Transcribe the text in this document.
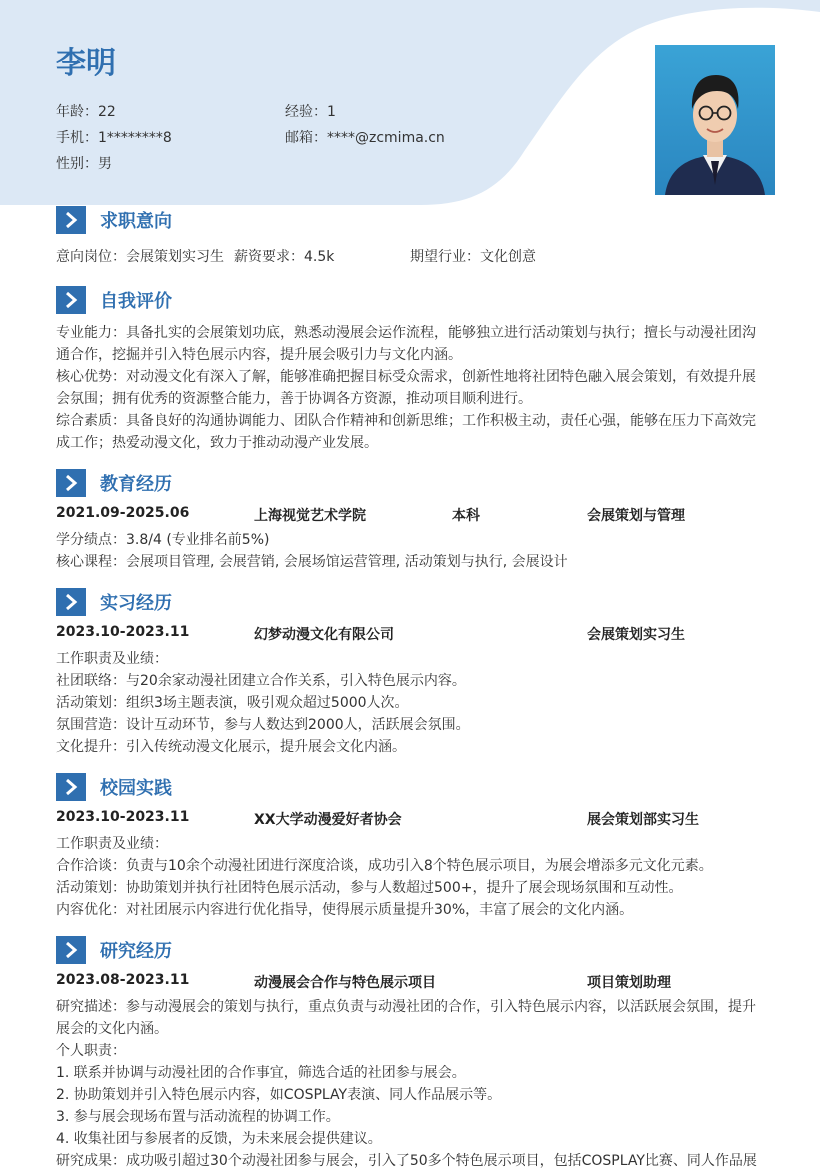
李明
年龄：22	经验：1
手机：1********8	邮箱：****@zcmima.cn
性别：男
求职意向
意向岗位：会展策划实习生 薪资要求：4.5k	期望行业：文化创意
自我评价
专业能力：具备扎实的会展策划功底，熟悉动漫展会运作流程，能够独立进行活动策划与执行；擅长与动漫社团沟
通合作，挖掘并引入特色展示内容，提升展会吸引力与文化内涵。
核心优势：对动漫文化有深入了解，能够准确把握目标受众需求，创新性地将社团特色融入展会策划，有效提升展
会氛围；拥有优秀的资源整合能力，善于协调各方资源，推动项目顺利进行。
综合素质：具备良好的沟通协调能力、团队合作精神和创新思维；工作积极主动，责任心强，能够在压力下高效完
成工作；热爱动漫文化，致力于推动动漫产业发展。
教育经历
2021.09-2025.06	上海视觉艺术学院	本科	会展策划与管理
学分绩点：3.8/4 (专业排名前5%)
核心课程：会展项目管理, 会展营销, 会展场馆运营管理, 活动策划与执行, 会展设计
实习经历
2023.10-2023.11	幻梦动漫文化有限公司	会展策划实习生
工作职责及业绩：
社团联络：与20余家动漫社团建立合作关系，引入特色展示内容。
活动策划：组织3场主题表演，吸引观众超过5000人次。
氛围营造：设计互动环节，参与人数达到2000人，活跃展会氛围。
文化提升：引入传统动漫文化展示，提升展会文化内涵。
校园实践
2023.10-2023.11	XX大学动漫爱好者协会	展会策划部实习生
工作职责及业绩：
合作洽谈：负责与10余个动漫社团进行深度洽谈，成功引入8个特色展示项目，为展会增添多元文化元素。
活动策划：协助策划并执行社团特色展示活动，参与人数超过500+，提升了展会现场氛围和互动性。
内容优化：对社团展示内容进行优化指导，使得展示质量提升30%，丰富了展会的文化内涵。
研究经历
2023.08-2023.11	动漫展会合作与特色展示项目	项目策划助理
研究描述：参与动漫展会的策划与执行，重点负责与动漫社团的合作，引入特色展示内容，以活跃展会氛围，提升
展会的文化内涵。
个人职责：
1. 联系并协调与动漫社团的合作事宜，筛选合适的社团参与展会。
2. 协助策划并引入特色展示内容，如COSPLAY表演、同人作品展示等。
3. 参与展会现场布置与活动流程的协调工作。
4. 收集社团与参展者的反馈，为未来展会提供建议。
研究成果：成功吸引超过30个动漫社团参与展会，引入了50多个特色展示项目，包括COSPLAY比赛、同人作品展
